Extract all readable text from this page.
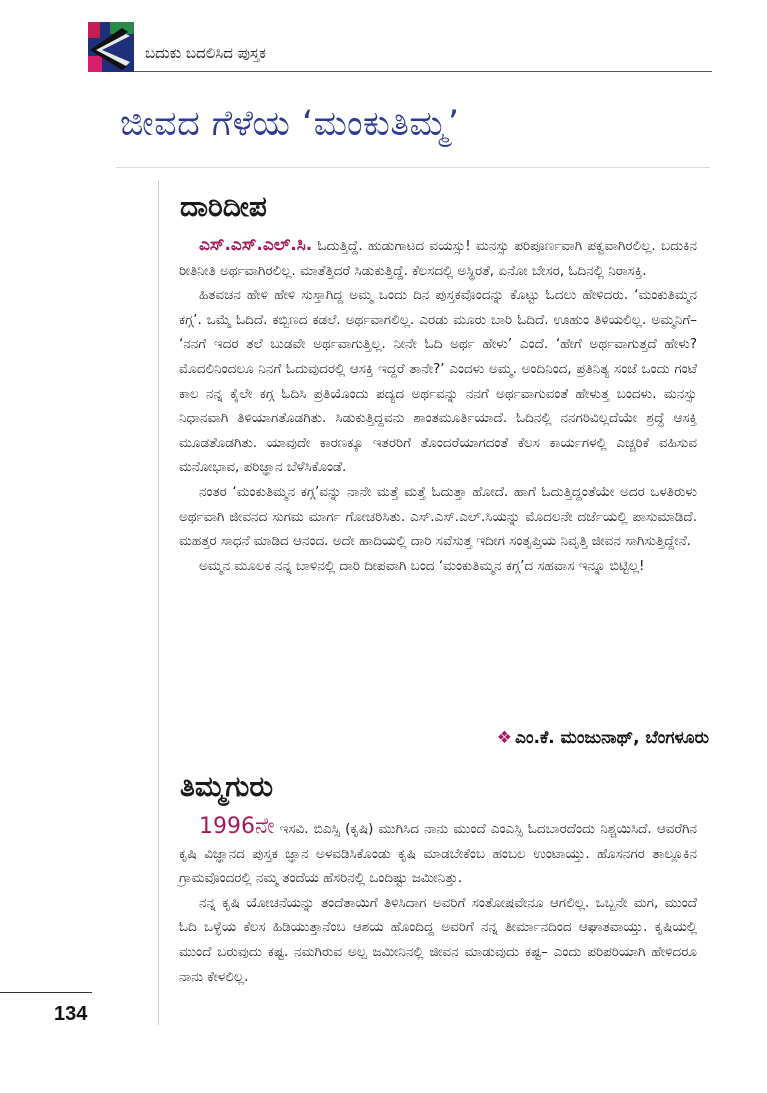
ಬದುಕು ಬದಲಿಸಿದ ಪುಸ್ತಕ
ಜೀವದ ಗೆಳೆಯ ‘ಮಂಕುತಿಮ್ಮ’
ದಾರಿದೀಪ

ಎಸ್.ಎಸ್.ಎಲ್.ಸಿ. ಓದುತ್ತಿದ್ದೆ. ಹುಡುಗಾಟದ ವಯಸ್ಸು! ಮನಸ್ಸು ಪರಿಪೂರ್ಣವಾಗಿ ಪಕ್ವವಾಗಿರಲಿಲ್ಲ. ಬದುಕಿನ ರೀತಿನೀತಿ ಅರ್ಥವಾಗಿರಲಿಲ್ಲ. ಮಾತೆತ್ತಿದರೆ ಸಿಡುಕುತ್ತಿದ್ದೆ. ಕೆಲಸದಲ್ಲಿ ಅಸ್ಥಿರತೆ, ಏನೋ ಬೇಸರ, ಓದಿನಲ್ಲಿ ನಿರಾಸಕ್ತಿ.

ಹಿತವಚನ ಹೇಳಿ ಹೇಳಿ ಸುಸ್ತಾಗಿದ್ದ ಅಮ್ಮ ಒಂದು ದಿನ ಪುಸ್ತಕವೊಂದನ್ನು ಕೊಟ್ಟು ಓದಲು ಹೇಳಿದರು. ‘ಮಂಕುತಿಮ್ಮನ ಕಗ್ಗ’. ಒಮ್ಮೆ ಓದಿದೆ. ಕಬ್ಬಿಣದ ಕಡಲೆ. ಅರ್ಥವಾಗಲಿಲ್ಲ. ಎರಡು ಮೂರು ಬಾರಿ ಓದಿದೆ. ಊಹುಂ ತಿಳಿಯಲಿಲ್ಲ. ಅಮ್ಮನಿಗೆ– ‘ನನಗೆ ಇದರ ತಲೆ ಬುಡವೇ ಅರ್ಥವಾಗುತ್ತಿಲ್ಲ. ನೀನೇ ಓದಿ ಅರ್ಥ ಹೇಳು’ ಎಂದೆ. ‘ಹೇಗೆ ಅರ್ಥವಾಗುತ್ತದೆ ಹೇಳು? ಮೊದಲಿನಿಂದಲೂ ನಿನಗೆ ಓದುವುದರಲ್ಲಿ ಆಸಕ್ತಿ ಇದ್ದರೆ ತಾನೇ?’ ಎಂದಳು ಅಮ್ಮ. ಅಂದಿನಿಂದ, ಪ್ರತಿನಿತ್ಯ ಸಂಜೆ ಒಂದು ಗಂಟೆ ಕಾಲ ನನ್ನ ಕೈಲೇ ಕಗ್ಗ ಓದಿಸಿ ಪ್ರತಿಯೊಂದು ಪದ್ಯದ ಅರ್ಥವನ್ನು ನನಗೆ ಅರ್ಥವಾಗುವಂತೆ ಹೇಳುತ್ತ ಬಂದಳು. ಮನಸ್ಸು ನಿಧಾನವಾಗಿ ತಿಳಿಯಾಗತೊಡಗಿತು. ಸಿಡುಕುತ್ತಿದ್ದವನು ಶಾಂತಮೂರ್ತಿಯಾದೆ. ಓದಿನಲ್ಲಿ ನನಗರಿವಿಲ್ಲದೆಯೇ ಶ್ರದ್ಧೆ ಆಸಕ್ತಿ ಮೂಡತೊಡಗಿತು. ಯಾವುದೇ ಕಾರಣಕ್ಕೂ ಇತರರಿಗೆ ತೊಂದರೆಯಾಗದಂತೆ ಕೆಲಸ ಕಾರ್ಯಗಳಲ್ಲಿ ಎಚ್ಚರಿಕೆ ವಹಿಸುವ ಮನೋಭಾವ, ಪರಿಜ್ಞಾನ ಬೆಳೆಸಿಕೊಂಡೆ.

ನಂತರ ‘ಮಂಕುತಿಮ್ಮನ ಕಗ್ಗ’ವನ್ನು ನಾನೇ ಮತ್ತೆ ಮತ್ತೆ ಓದುತ್ತಾ ಹೋದೆ. ಹಾಗೆ ಓದುತ್ತಿದ್ದಂತೆಯೇ ಅದರ ಒಳತಿರುಳು ಅರ್ಥವಾಗಿ ಜೀವನದ ಸುಗಮ ಮಾರ್ಗ ಗೋಚರಿಸಿತು. ಎಸ್.ಎಸ್.ಎಲ್.ಸಿಯನ್ನು ಮೊದಲನೇ ದರ್ಜೆಯಲ್ಲಿ ಪಾಸುಮಾಡಿದೆ. ಮಹತ್ತರ ಸಾಧನೆ ಮಾಡಿದ ಆನಂದ. ಅದೇ ಹಾದಿಯಲ್ಲಿ ದಾರಿ ಸವೆಸುತ್ತ ಇದೀಗ ಸಂತೃಪ್ತಿಯ ನಿವೃತ್ತಿ ಜೀವನ ಸಾಗಿಸುತ್ತಿದ್ದೇನೆ.

ಅಮ್ಮನ ಮೂಲಕ ನನ್ನ ಬಾಳಿನಲ್ಲಿ ದಾರಿ ದೀಪವಾಗಿ ಬಂದ ‘ಮಂಕುತಿಮ್ಮನ ಕಗ್ಗ’ದ ಸಹವಾಸ ಇನ್ನೂ ಬಿಟ್ಟಿಲ್ಲ!

❖ ಎಂ.ಕೆ. ಮಂಜುನಾಥ್, ಬೆಂಗಳೂರು
ತಿಮ್ಮಗುರು

1996ನೇ ಇಸವಿ. ಬಿಎಸ್ಸಿ (ಕೃಷಿ) ಮುಗಿಸಿದ ನಾನು ಮುಂದೆ ಎಂಎಸ್ಸಿ ಓದಬಾರದೆಂದು ನಿಶ್ಚಯಿಸಿದೆ. ಆವರೆಗಿನ ಕೃಷಿ ವಿಜ್ಞಾನದ ಪುಸ್ತಕ ಜ್ಞಾನ ಅಳವಡಿಸಿಕೊಂಡು ಕೃಷಿ ಮಾಡಬೇಕೆಂಬ ಹಂಬಲ ಉಂಟಾಯ್ತು. ಹೊಸನಗರ ತಾಲ್ಲೂಕಿನ ಗ್ರಾಮವೊಂದರಲ್ಲಿ ನಮ್ಮ ತಂದೆಯ ಹೆಸರಿನಲ್ಲಿ ಒಂದಿಷ್ಟು ಜಮೀನಿತ್ತು.

ನನ್ನ ಕೃಷಿ ಯೋಚನೆಯನ್ನು ತಂದೆತಾಯಿಗೆ ತಿಳಿಸಿದಾಗ ಅವರಿಗೆ ಸಂತೋಷವೇನೂ ಆಗಲಿಲ್ಲ. ಒಬ್ಬನೇ ಮಗ, ಮುಂದೆ ಓದಿ ಒಳ್ಳೆಯ ಕೆಲಸ ಹಿಡಿಯುತ್ತಾನೆಂಬ ಆಶಯ ಹೊಂದಿದ್ದ ಅವರಿಗೆ ನನ್ನ ತೀರ್ಮಾನದಿಂದ ಆಘಾತವಾಯ್ತು. ಕೃಷಿಯಲ್ಲಿ ಮುಂದೆ ಬರುವುದು ಕಷ್ಟ. ನಮಗಿರುವ ಅಲ್ಪ ಜಮೀನಿನಲ್ಲಿ ಜೀವನ ಮಾಡುವುದು ಕಷ್ಟ– ಎಂದು ಪರಿಪರಿಯಾಗಿ ಹೇಳಿದರೂ ನಾನು ಕೇಳಲಿಲ್ಲ.

134
